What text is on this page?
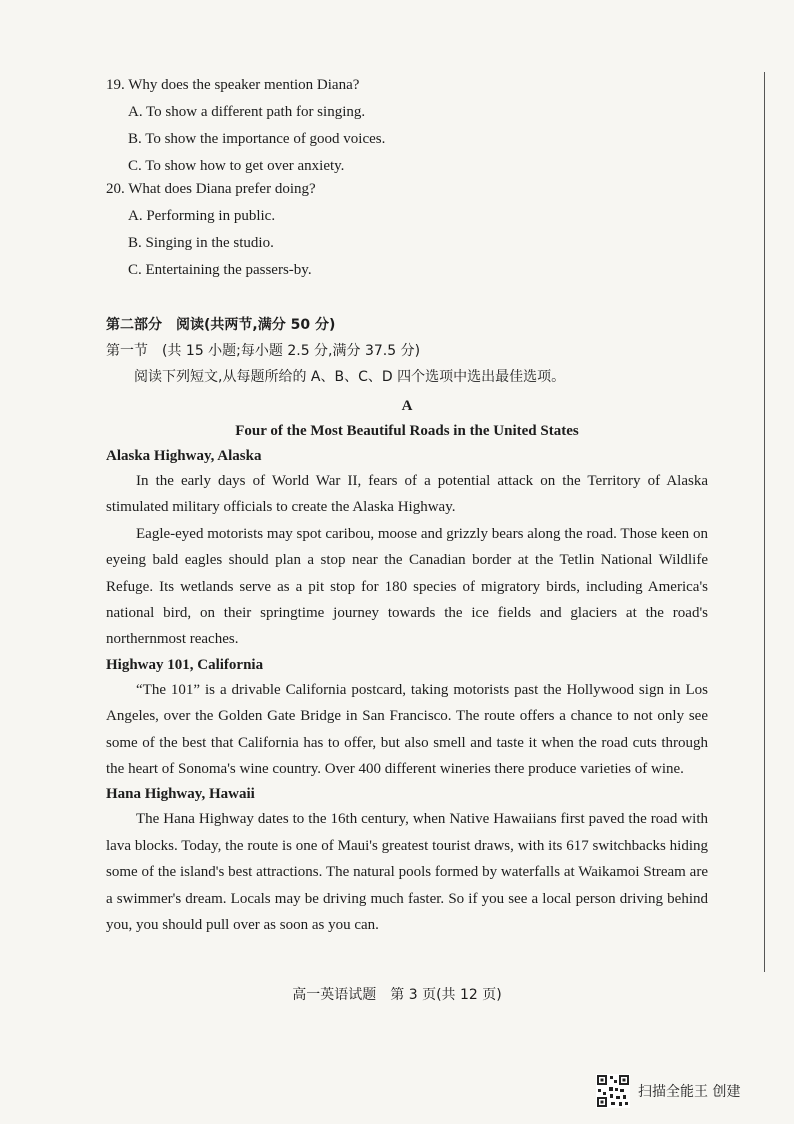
19. Why does the speaker mention Diana?
A. To show a different path for singing.
B. To show the importance of good voices.
C. To show how to get over anxiety.
20. What does Diana prefer doing?
A. Performing in public.
B. Singing in the studio.
C. Entertaining the passers-by.
第二部分　阅读(共两节,满分 50 分)
第一节　(共 15 小题;每小题 2.5 分,满分 37.5 分)
阅读下列短文,从每题所给的 A、B、C、D 四个选项中选出最佳选项。
A
Four of the Most Beautiful Roads in the United States
Alaska Highway, Alaska

In the early days of World War II, fears of a potential attack on the Territory of Alaska stimulated military officials to create the Alaska Highway.

Eagle-eyed motorists may spot caribou, moose and grizzly bears along the road. Those keen on eyeing bald eagles should plan a stop near the Canadian border at the Tetlin National Wildlife Refuge. Its wetlands serve as a pit stop for 180 species of migratory birds, including America's national bird, on their springtime journey towards the ice fields and glaciers at the road's northernmost reaches.

Highway 101, California

“The 101” is a drivable California postcard, taking motorists past the Hollywood sign in Los Angeles, over the Golden Gate Bridge in San Francisco. The route offers a chance to not only see some of the best that California has to offer, but also smell and taste it when the road cuts through the heart of Sonoma's wine country. Over 400 different wineries there produce varieties of wine.

Hana Highway, Hawaii

The Hana Highway dates to the 16th century, when Native Hawaiians first paved the road with lava blocks. Today, the route is one of Maui's greatest tourist draws, with its 617 switchbacks hiding some of the island's best attractions. The natural pools formed by waterfalls at Waikamoi Stream are a swimmer's dream. Locals may be driving much faster. So if you see a local person driving behind you, you should pull over as soon as you can.

高一英语试题　第 3 页(共 12 页)
扫描全能王 创建
